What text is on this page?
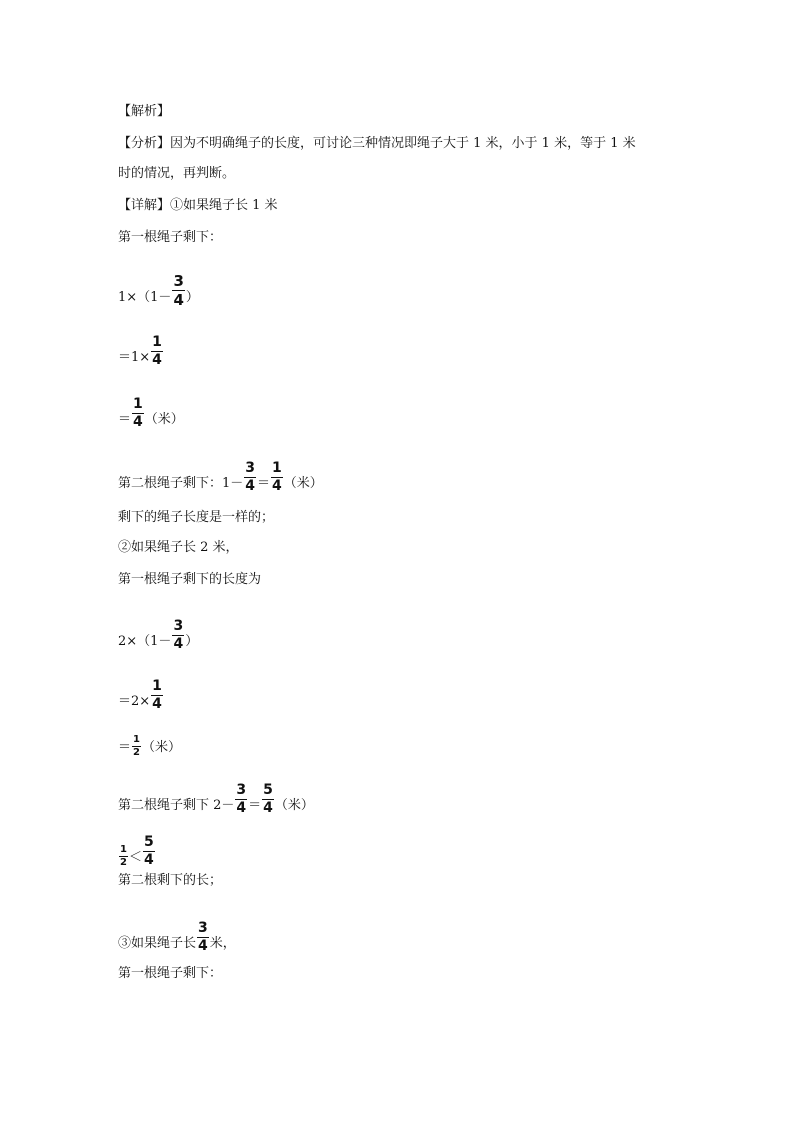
【解析】
【分析】因为不明确绳子的长度，可讨论三种情况即绳子大于 1 米，小于 1 米，等于 1 米
时的情况，再判断。
【详解】①如果绳子长 1 米
第一根绳子剩下：
$1\times(1- \frac{3}{4}$ ）
$=1\times \frac{1}{4}$
＝ $\frac{1}{4}$ （米）
第二根绳子剩下：$1- \frac{3}{4} = \frac{1}{4}$ （米）
剩下的绳子长度是一样的；
②如果绳子长 2 米，
第一根绳子剩下的长度为
$2\times(1- \frac{3}{4}$ ）
$=2\times \frac{1}{4}$
＝ $\frac{1}{2}$ （米）
第二根绳子剩下 $2- \frac{3}{4} = \frac{5}{4}$ （米）
$\frac{1}{2} < \frac{5}{4}$
第二根剩下的长；
③如果绳子长 $\frac{3}{4}$ 米，
第一根绳子剩下：
